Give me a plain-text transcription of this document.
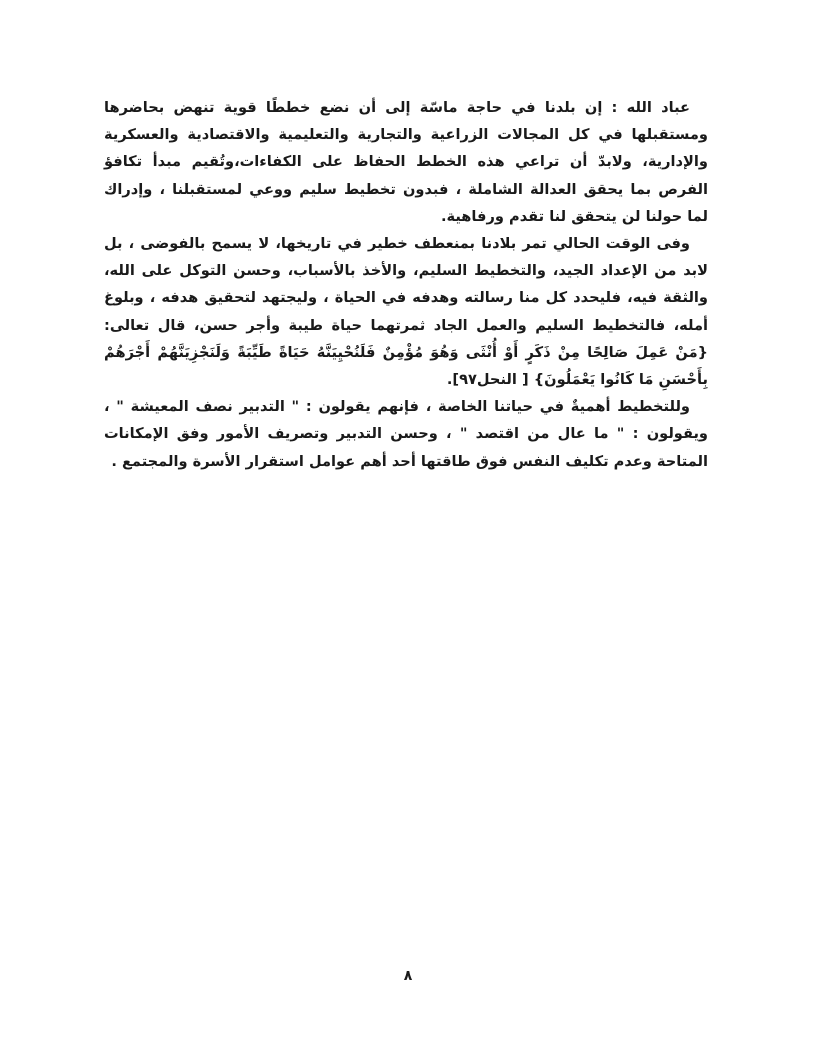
عباد الله : إن بلدنا في حاجة ماسّة إلى أن نضع خططًا قوية تنهض بحاضرها ومستقبلها في كل المجالات الزراعية والتجارية والتعليمية والاقتصادية والعسكرية والإدارية، ولابدّ أن تراعي هذه الخطط الحفاظ على الكفاءات،وتُقيم مبدأ تكافؤ الفرص بما يحقق العدالة الشاملة ، فبدون تخطيط سليم ووعي لمستقبلنا ، وإدراك لما حولنا لن يتحقق لنا تقدم ورفاهية.

وفى الوقت الحالي تمر بلادنا بمنعطف خطير في تاريخها، لا يسمح بالفوضى ، بل لابد من الإعداد الجيد، والتخطيط السليم، والأخذ بالأسباب، وحسن التوكل على الله، والثقة فيه، فليحدد كل منا رسالته وهدفه في الحياة ، وليجتهد لتحقيق هدفه ، وبلوغ أمله، فالتخطيط السليم والعمل الجاد ثمرتهما حياة طيبة وأجر حسن، قال تعالى: {مَنْ عَمِلَ صَالِحًا مِنْ ذَكَرٍ أَوْ أُنْثَى وَهُوَ مُؤْمِنٌ فَلَنُحْيِيَنَّهُ حَيَاةً طَيِّبَةً وَلَنَجْزِيَنَّهُمْ أَجْرَهُمْ بِأَحْسَنِ مَا كَانُوا يَعْمَلُونَ} [ النحل٩٧].

وللتخطيط أهميةٌ في حياتنا الخاصة ، فإنهم يقولون : " التدبير نصف المعيشة " ، ويقولون : " ما عال من اقتصد " ، وحسن التدبير وتصريف الأمور وفق الإمكانات المتاحة وعدم تكليف النفس فوق طاقتها أحد أهم عوامل استقرار الأسرة والمجتمع .

٨
